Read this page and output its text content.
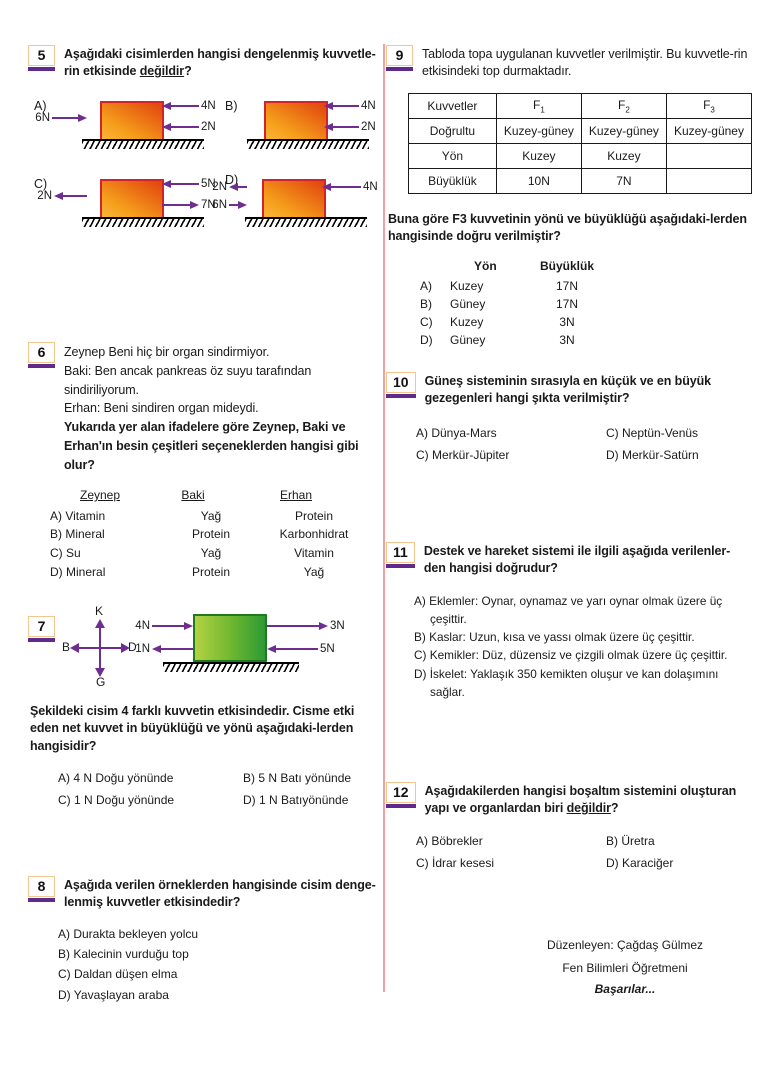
5	Aşağıdaki cisimlerden hangisi dengelenmiş kuvvetle-rin etkisinde değildir?
A)
6N
4N
2N
B)	4N
2N
C)
2N
5N
7N
D)
2N
6N
4N
6	Zeynep Beni hiç bir organ sindirmiyor.
Baki: Ben ancak pankreas öz suyu tarafından sindiriliyorum.
Erhan: Beni sindiren organ mideydi.
Yukarıda yer alan ifadelere göre Zeynep, Baki ve Erhan'ın besin çeşitleri seçeneklerden hangisi gibi olur?
Zeynep	Baki	Erhan
A) Vitamin	Yağ	Protein
B) Mineral	Protein	Karbonhidrat
C) Su	Yağ	Vitamin
D) Mineral	Protein	Yağ
7
K
B	D
G
4N
1N
3N
5N
Şekildeki cisim 4 farklı kuvvetin etkisindedir. Cisme etki eden net kuvvet in büyüklüğü ve yönü aşağıdaki-lerden hangisidir?
A) 4 N Doğu yönünde	B) 5 N Batı yönünde
C) 1 N Doğu yönünde	D) 1 N Batıyönünde
8	Aşağıda verilen örneklerden hangisinde cisim denge-lenmiş kuvvetler etkisindedir?
A) Durakta bekleyen yolcu
B) Kalecinin vurduğu top
C) Daldan düşen elma
D) Yavaşlayan araba
9	Tabloda topa uygulanan kuvvetler verilmiştir. Bu kuvvetle-rin etkisindeki top durmaktadır.
Kuvvetler	$F_1$	$F_2$	$F_3$
Doğrultu	Kuzey-güney	Kuzey-güney	Kuzey-güney
Yön	Kuzey	Kuzey	
Büyüklük	10N	7N	
Buna göre F3 kuvvetinin yönü ve büyüklüğü aşağıdaki-lerden hangisinde doğru verilmiştir?
Yön	Büyüklük
A)	Kuzey	17N
B)	Güney	17N
C)	Kuzey	3N
D)	Güney	3N
10	Güneş sisteminin sırasıyla en küçük ve en büyük gezegenleri hangi şıkta verilmiştir?
A) Dünya-Mars	C) Neptün-Venüs
C) Merkür-Jüpiter	D) Merkür-Satürn
11	Destek ve hareket sistemi ile ilgili aşağıda verilenler-den hangisi doğrudur?
A) Eklemler: Oynar, oynamaz ve yarı oynar olmak üzere üç çeşittir.
B) Kaslar: Uzun, kısa ve yassı olmak üzere üç çeşittir.
C) Kemikler: Düz, düzensiz ve çizgili olmak üzere üç çeşittir.
D) İskelet: Yaklaşık 350 kemikten oluşur ve kan dolaşımını sağlar.
12	Aşağıdakilerden hangisi boşaltım sistemini oluşturan yapı ve organlardan biri değildir?
A) Böbrekler	B) Üretra
C) İdrar kesesi	D) Karaciğer
Düzenleyen: Çağdaş Gülmez
Fen Bilimleri Öğretmeni
Başarılar...
